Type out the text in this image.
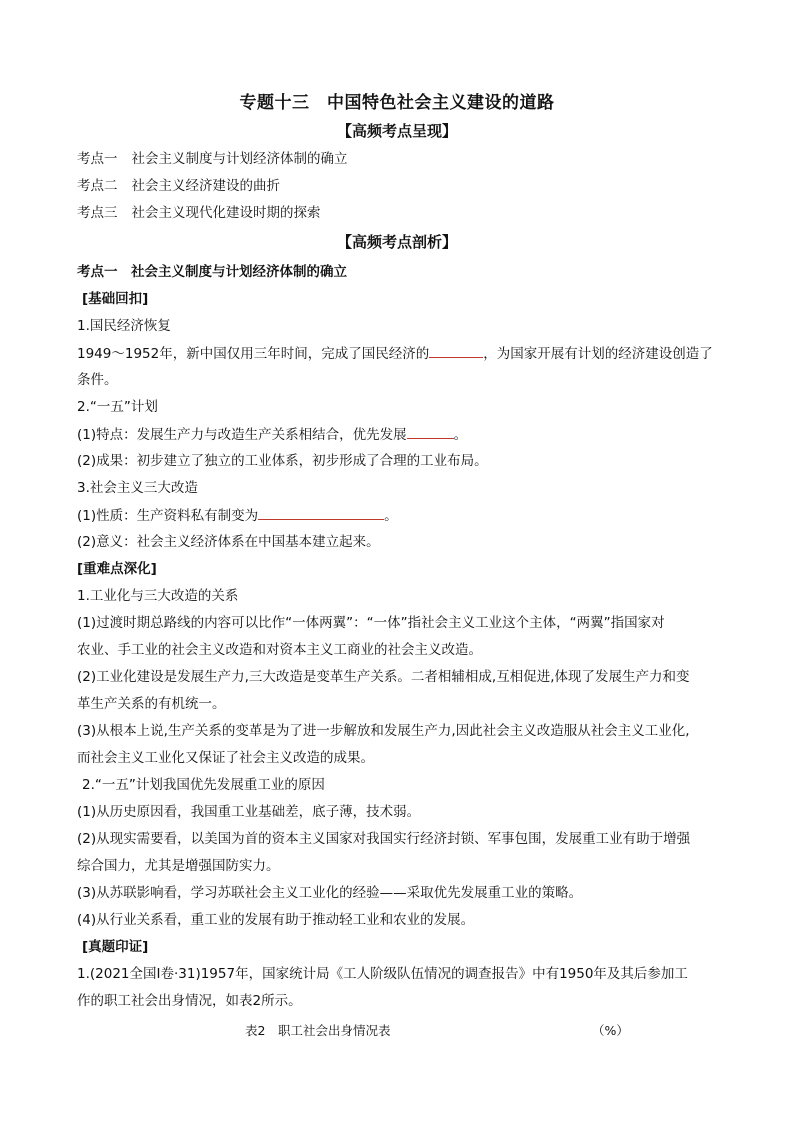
专题十三　中国特色社会主义建设的道路
【高频考点呈现】
考点一 社会主义制度与计划经济体制的确立
考点二 社会主义经济建设的曲折
考点三 社会主义现代化建设时期的探索
【高频考点剖析】
考点一　社会主义制度与计划经济体制的确立
[基础回扣]
1.国民经济恢复
1949～1952年，新中国仅用三年时间，完成了国民经济的	，为国家开展有计划的经济建设创造了
条件。
2.“一五”计划
(1)特点：发展生产力与改造生产关系相结合，优先发展	。
(2)成果：初步建立了独立的工业体系，初步形成了合理的工业布局。
3.社会主义三大改造
(1)性质：生产资料私有制变为	。
(2)意义：社会主义经济体系在中国基本建立起来。
[重难点深化]
1.工业化与三大改造的关系
(1)过渡时期总路线的内容可以比作“一体两翼”：“一体”指社会主义工业这个主体，“两翼”指国家对
农业、手工业的社会主义改造和对资本主义工商业的社会主义改造。
(2)工业化建设是发展生产力,三大改造是变革生产关系。二者相辅相成,互相促进,体现了发展生产力和变
革生产关系的有机统一。
(3)从根本上说,生产关系的变革是为了进一步解放和发展生产力,因此社会主义改造服从社会主义工业化,
而社会主义工业化又保证了社会主义改造的成果。
2.“一五”计划我国优先发展重工业的原因
(1)从历史原因看，我国重工业基础差，底子薄，技术弱。
(2)从现实需要看，以美国为首的资本主义国家对我国实行经济封锁、军事包围，发展重工业有助于增强
综合国力，尤其是增强国防实力。
(3)从苏联影响看，学习苏联社会主义工业化的经验——采取优先发展重工业的策略。
(4)从行业关系看，重工业的发展有助于推动轻工业和农业的发展。
[真题印证]
1.(2021全国Ⅰ卷·31)1957年，国家统计局《工人阶级队伍情况的调查报告》中有1950年及其后参加工
作的职工社会出身情况，如表2所示。
表2　职工社会出身情况表	（%）
